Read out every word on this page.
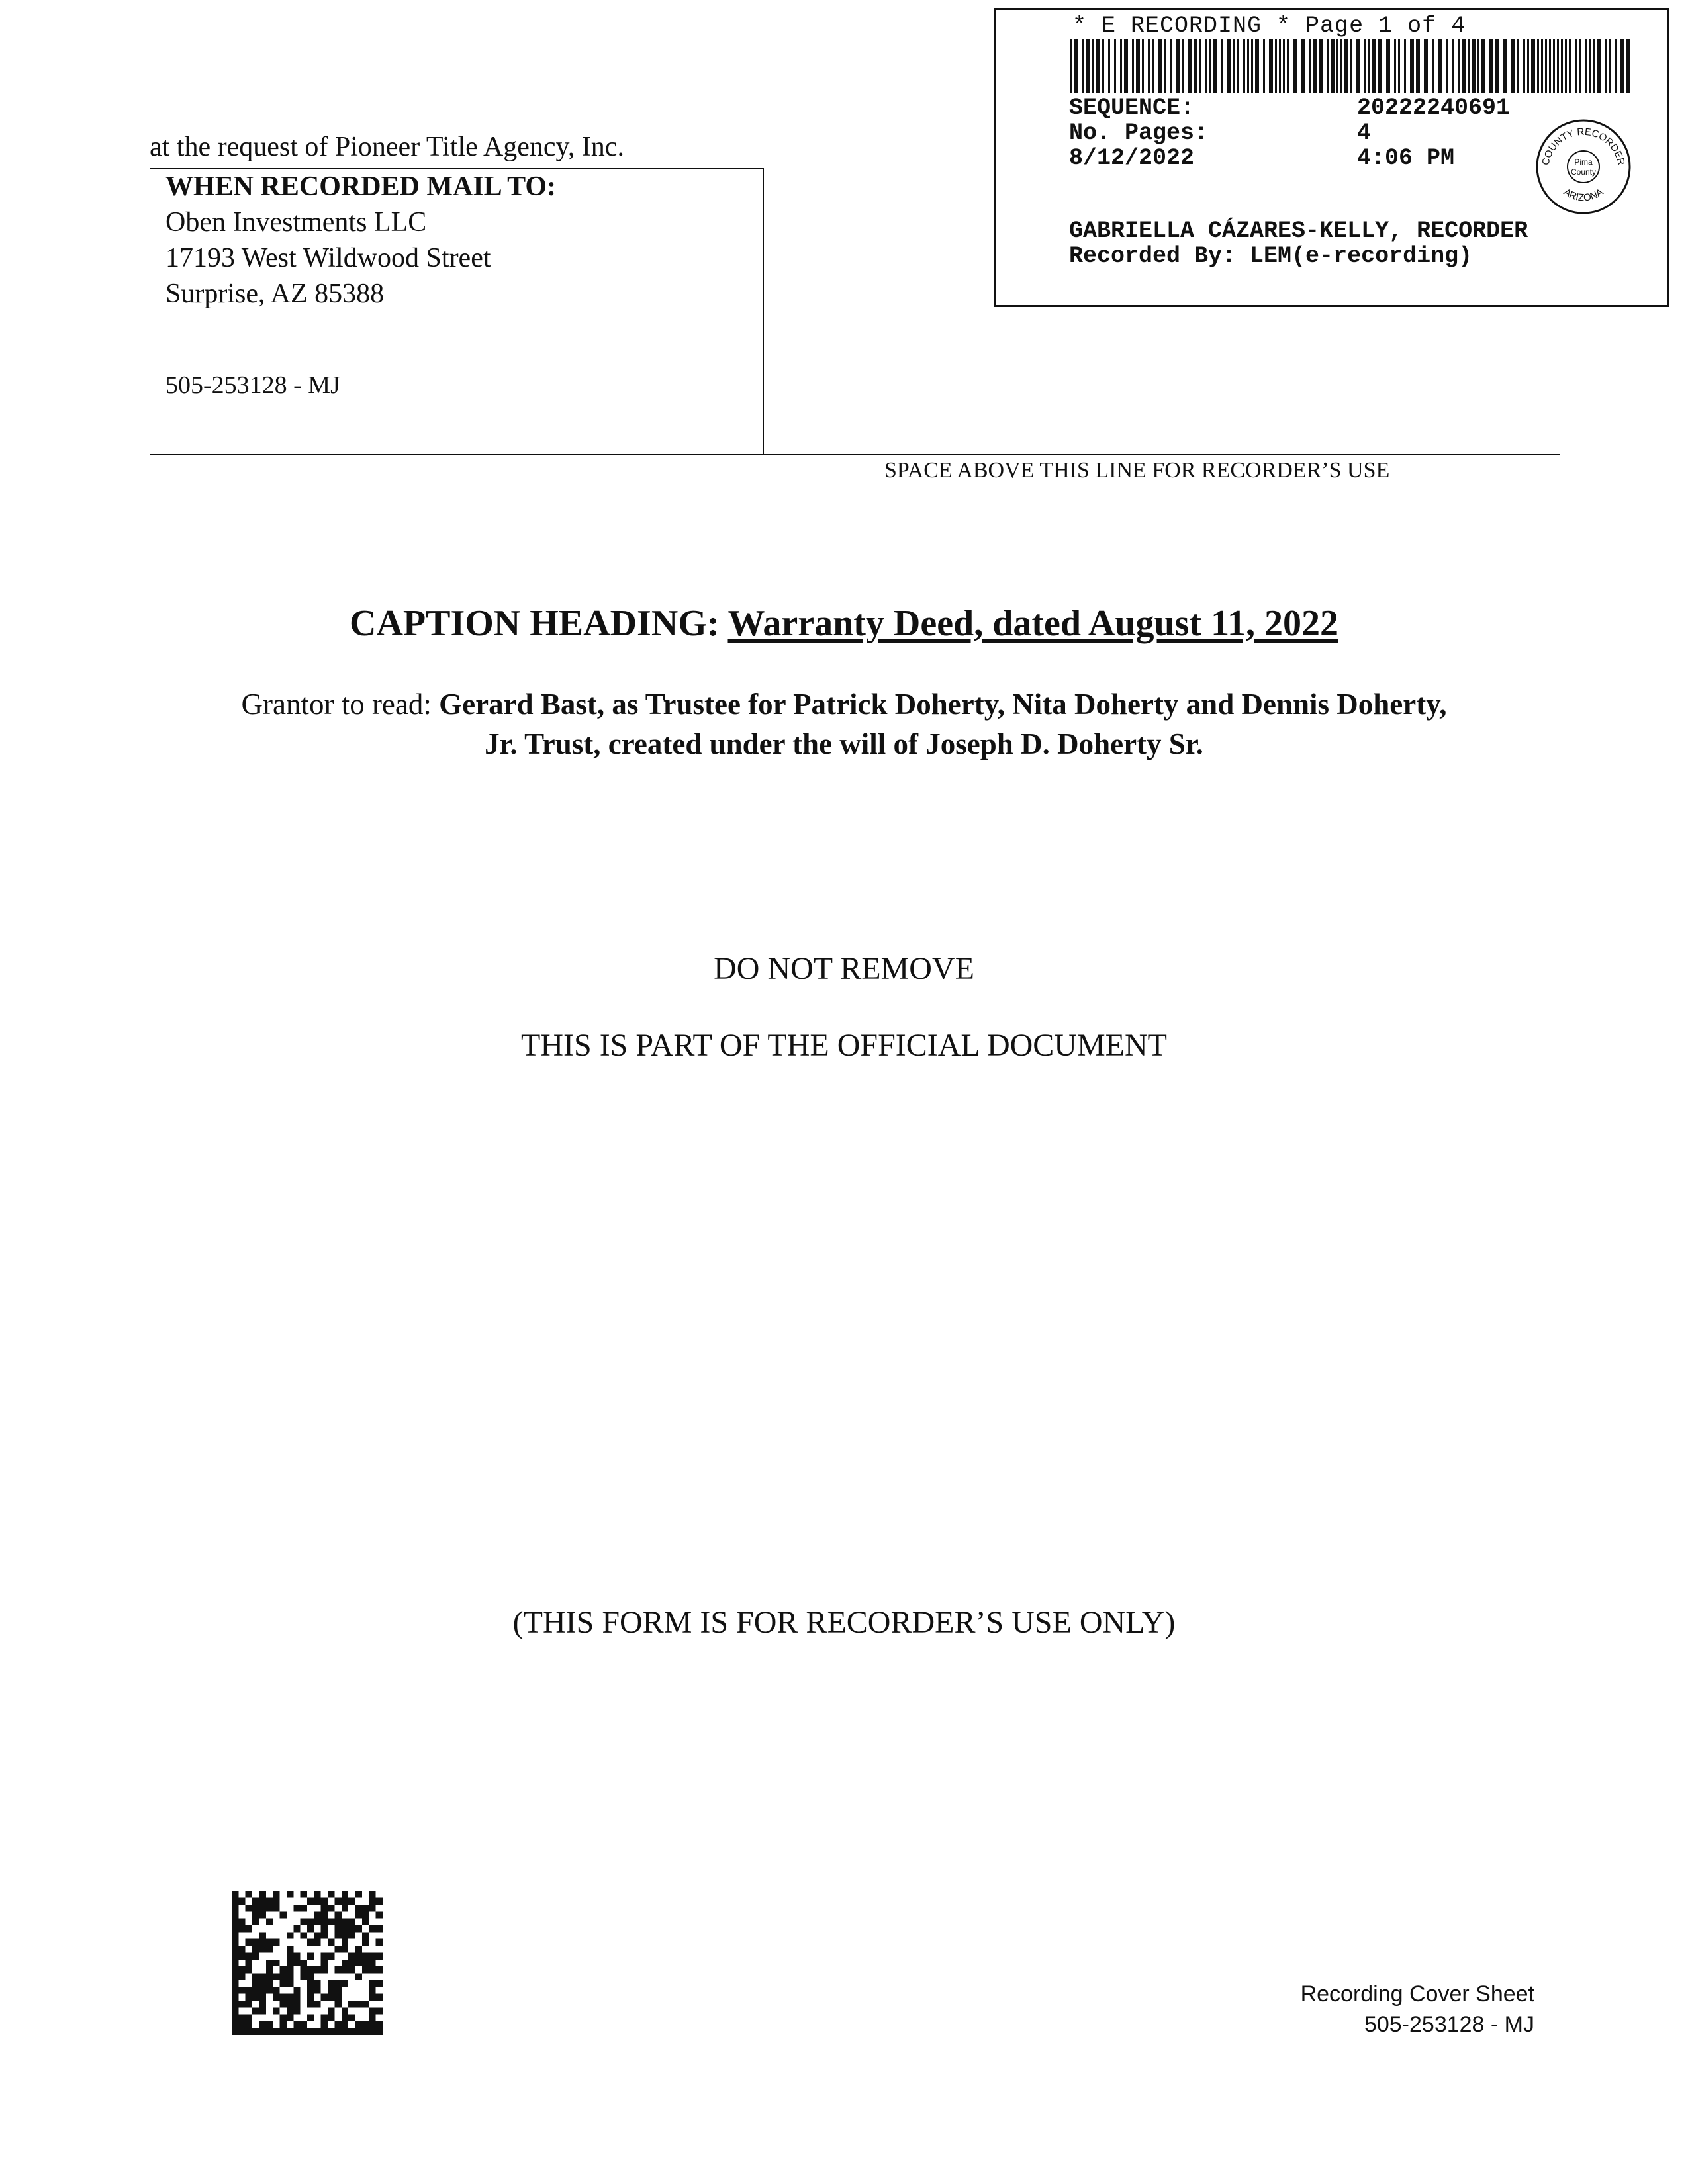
* E RECORDING * Page 1 of 4
SEQUENCE:	20222240691
No. Pages:	4
8/12/2022	4:06 PM	COUNTY RECORDER
ARIZONA
Pima
County
GABRIELLA CÁZARES-KELLY, RECORDER
Recorded By: LEM(e-recording)
at the request of Pioneer Title Agency, Inc.
WHEN RECORDED MAIL TO:
Oben Investments LLC
17193 West Wildwood Street
Surprise, AZ 85388
505-253128 - MJ
SPACE ABOVE THIS LINE FOR RECORDER’S USE
CAPTION HEADING: Warranty Deed, dated August 11, 2022
Grantor to read: Gerard Bast, as Trustee for Patrick Doherty, Nita Doherty and Dennis Doherty,
Jr. Trust, created under the will of Joseph D. Doherty Sr.
DO NOT REMOVE
THIS IS PART OF THE OFFICIAL DOCUMENT
(THIS FORM IS FOR RECORDER’S USE ONLY)
Recording Cover Sheet
505-253128 - MJ
